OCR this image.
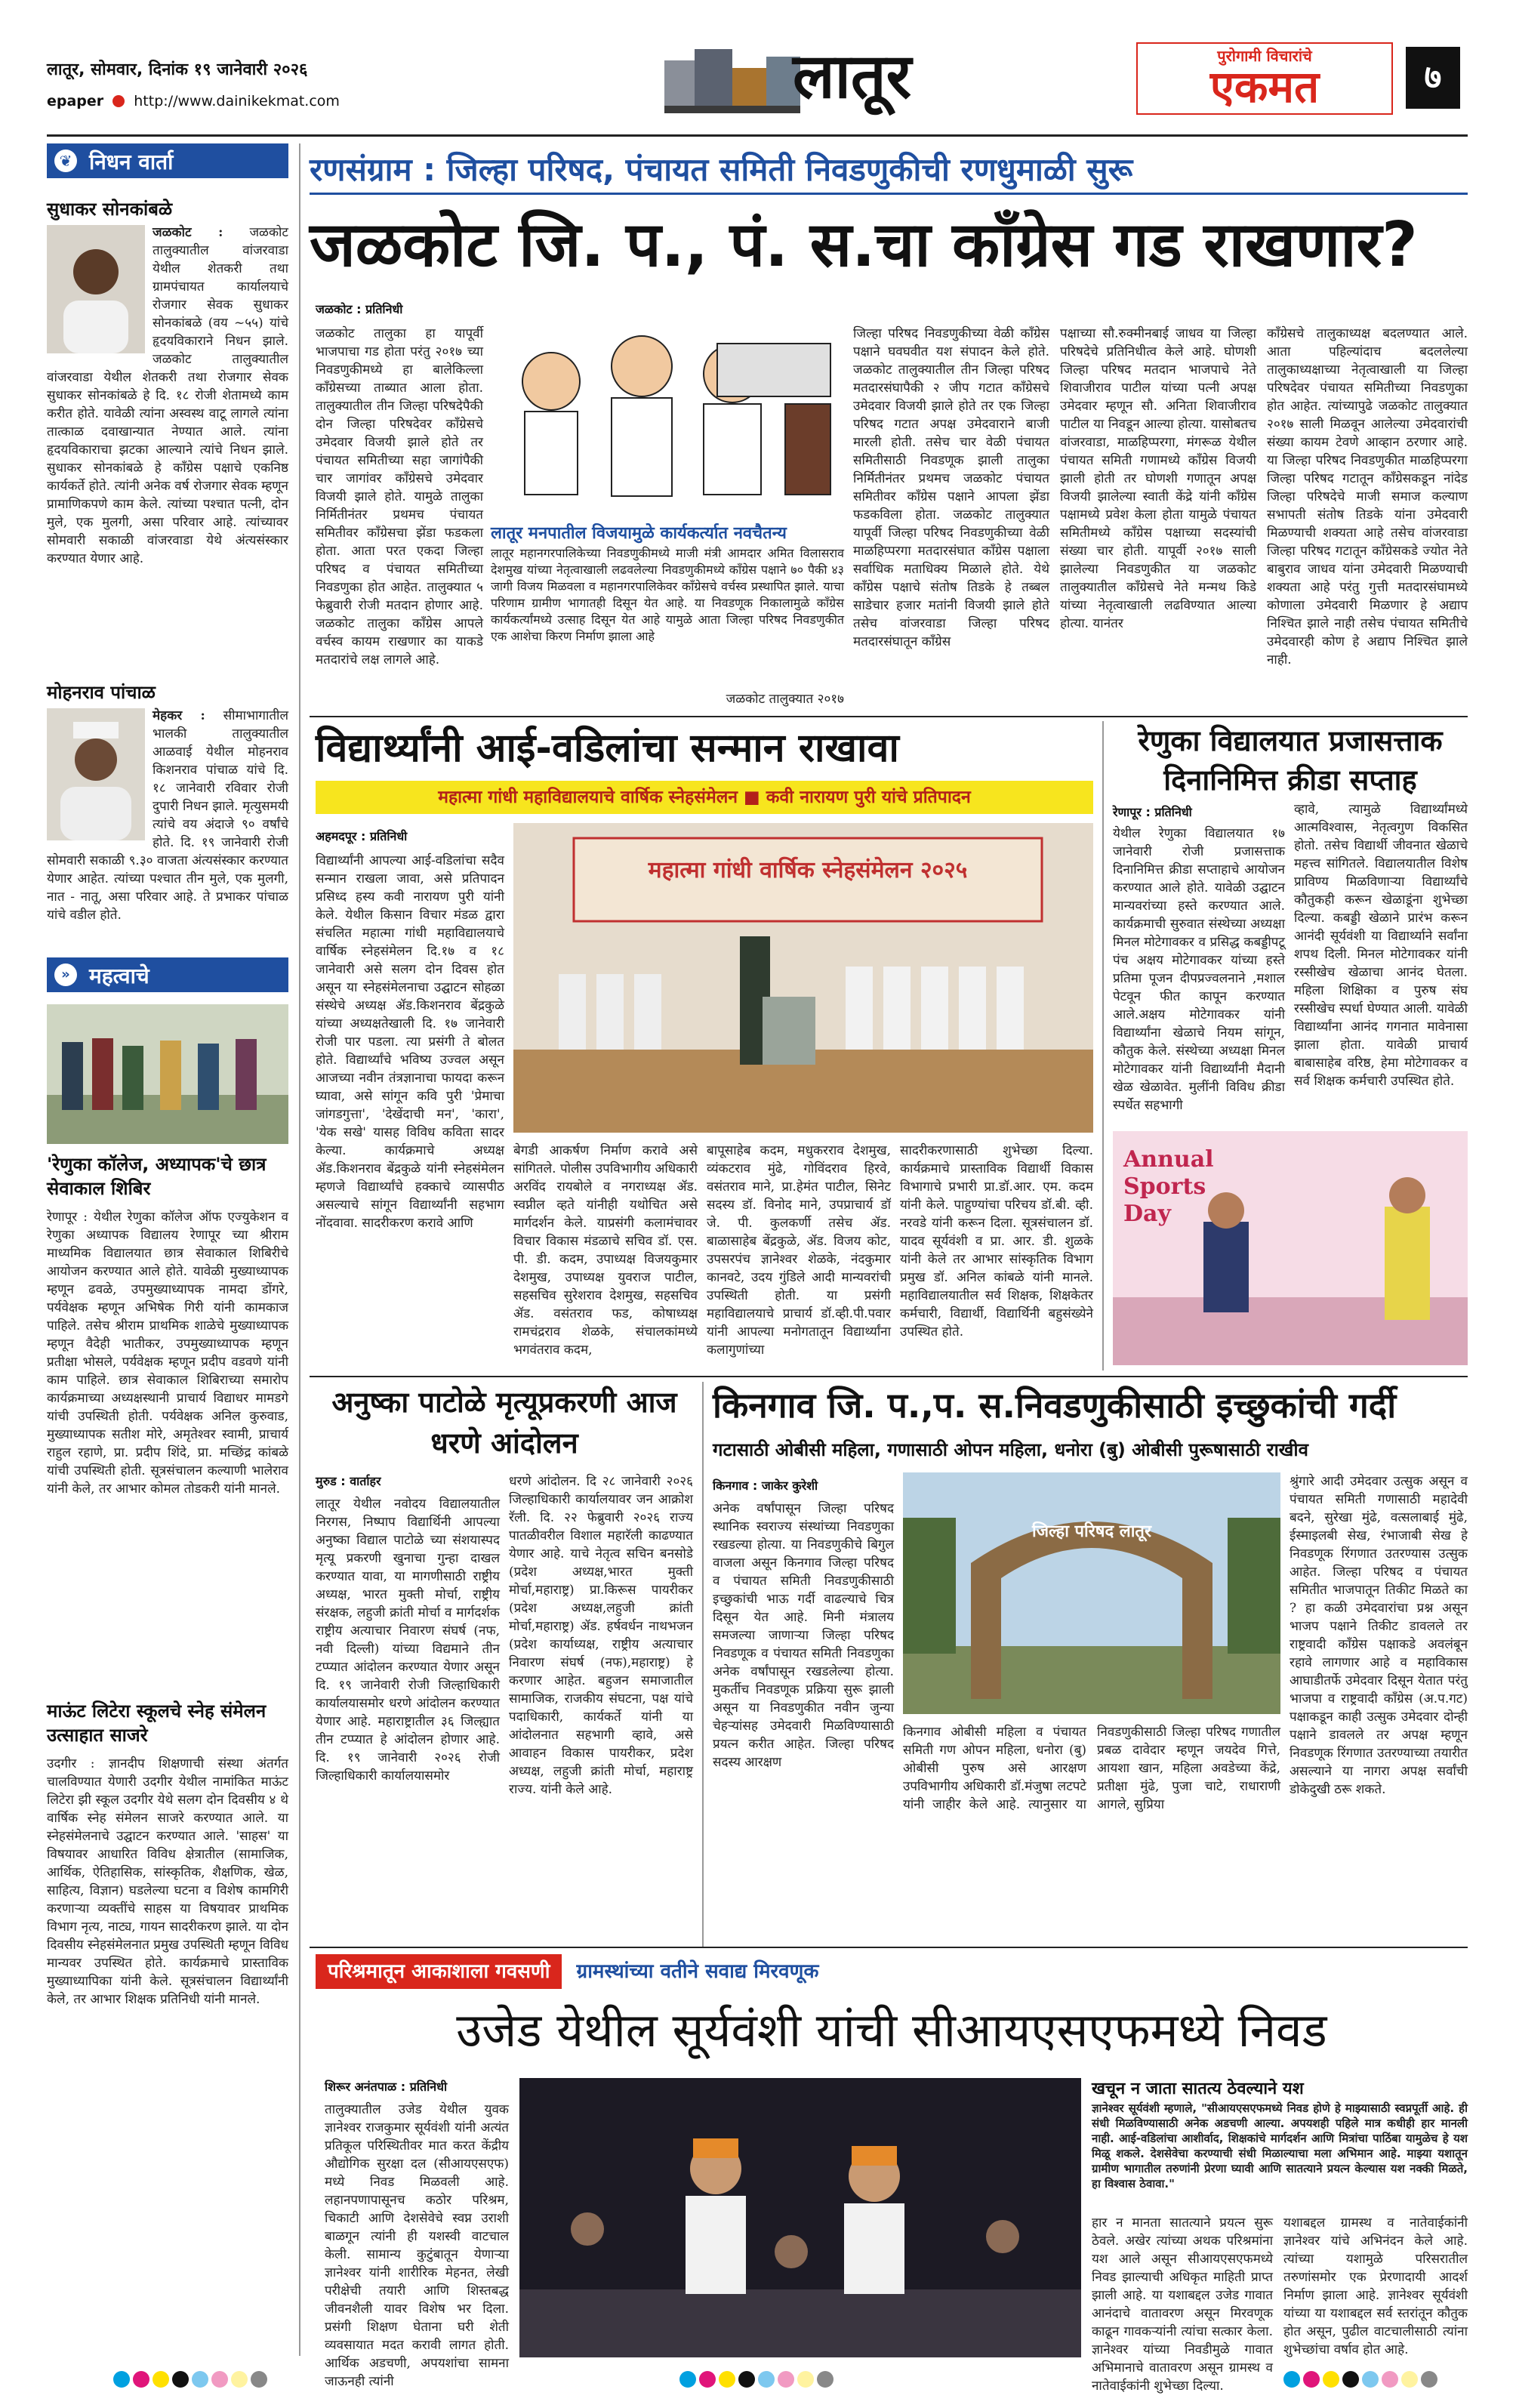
लातूर, सोमवार, दिनांक १९ जानेवारी २०२६
epaper http://www.dainikekmat.com	लातूर	पुरोगामी विचारांचे
एकमत	७
❦ निधन वार्ता
सुधाकर सोनकांबळे
जळकोट : जळकोट तालुक्यातील वांजरवाडा येथील शेतकरी तथा ग्रामपंचायत कार्यालयाचे रोजगार सेवक सुधाकर सोनकांबळे (वय ~५५) यांचे हृदयविकाराने निधन झाले. जळकोट तालुक्यातील वांजरवाडा येथील शेतकरी तथा रोजगार सेवक सुधाकर सोनकांबळे हे दि. १८ रोजी शेतामध्ये काम करीत होते. यावेळी त्यांना अस्वस्थ वाटू लागले त्यांना तात्काळ दवाखान्यात नेण्यात आले. त्यांना हृदयविकाराचा झटका आल्याने त्यांचे निधन झाले. सुधाकर सोनकांबळे हे काँग्रेस पक्षाचे एकनिष्ठ कार्यकर्ते होते. त्यांनी अनेक वर्ष रोजगार सेवक म्हणून प्रामाणिकपणे काम केले. त्यांच्या पश्चात पत्नी, दोन मुले, एक मुलगी, असा परिवार आहे. त्यांच्यावर सोमवारी सकाळी वांजरवाडा येथे अंत्यसंस्कार करण्यात येणार आहे.
मोहनराव पांचाळ
मेहकर : सीमाभागातील भालकी तालुक्यातील आळवाई येथील मोहनराव किशनराव पांचाळ यांचे दि. १८ जानेवारी रविवार रोजी दुपारी निधन झाले. मृत्युसमयी त्यांचे वय अंदाजे ९० वर्षांचे होते. दि. १९ जानेवारी रोजी सोमवारी सकाळी ९.३० वाजता अंत्यसंस्कार करण्यात येणार आहेत. त्यांच्या पश्चात तीन मुले, एक मुलगी, नात - नातू, असा परिवार आहे. ते प्रभाकर पांचाळ यांचे वडील होते.
» महत्वाचे
'रेणुका कॉलेज, अध्यापक'चे छात्र सेवाकाल शिबिर
रेणापूर : येथील रेणुका कॉलेज ऑफ एज्युकेशन व रेणुका अध्यापक विद्यालय रेणापूर च्या श्रीराम माध्यमिक विद्यालयात छात्र सेवाकाल शिबिरीचे आयोजन करण्यात आले होते. यावेळी मुख्याध्यापक म्हणून ढवळे, उपमुख्याध्यापक नामदा डोंगरे, पर्यवेक्षक म्हणून अभिषेक गिरी यांनी कामकाज पाहिले. तसेच श्रीराम प्राथमिक शाळेचे मुख्याध्यापक म्हणून वैदेही भातीकर, उपमुख्याध्यापक म्हणून प्रतीक्षा भोसले, पर्यवेक्षक म्हणून प्रदीप वडवणे यांनी काम पाहिले. छात्र सेवाकाल शिबिराच्या समारोप कार्यक्रमाच्या अध्यक्षस्थानी प्राचार्य विद्याधर मामडगे यांची उपस्थिती होती. पर्यवेक्षक अनिल कुरुवाड, मुख्याध्यापक सतीश मोरे, अमृतेश्वर स्वामी, प्राचार्य राहुल रहाणे, प्रा. प्रदीप शिंदे, प्रा. मच्छिंद्र कांबळे यांची उपस्थिती होती. सूत्रसंचालन कल्याणी भालेराव यांनी केले, तर आभार कोमल तोडकरी यांनी मानले.
माऊंट लिटेरा स्कूलचे स्नेह संमेलन उत्साहात साजरे
उदगीर : ज्ञानदीप शिक्षणाची संस्था अंतर्गत चालविण्यात येणारी उदगीर येथील नामांकित माऊंट लिटेरा झी स्कूल उदगीर येथे सलग दोन दिवसीय ४ थे वार्षिक स्नेह संमेलन साजरे करण्यात आले. या स्नेहसंमेलनाचे उद्घाटन करण्यात आले. 'साहस' या विषयावर आधारित विविध क्षेत्रातील (सामाजिक, आर्थिक, ऐतिहासिक, सांस्कृतिक, शैक्षणिक, खेळ, साहित्य, विज्ञान) घडलेल्या घटना व विशेष कामगिरी करणाऱ्या व्यक्तींचे साहस या विषयावर प्राथमिक विभाग नृत्य, नाट्य, गायन सादरीकरण झाले. या दोन दिवसीय स्नेहसंमेलनात प्रमुख उपस्थिती म्हणून विविध मान्यवर उपस्थित होते. कार्यक्रमाचे प्रास्ताविक मुख्याध्यापिका यांनी केले. सूत्रसंचालन विद्यार्थ्यांनी केले, तर आभार शिक्षक प्रतिनिधी यांनी मानले.
रणसंग्राम : जिल्हा परिषद, पंचायत समिती निवडणुकीची रणधुमाळी सुरू
जळकोट जि. प., पं. स.चा काँग्रेस गड राखणार?
जळकोट : प्रतिनिधी
जळकोट तालुका हा यापूर्वी भाजपाचा गड होता परंतु २०१७ च्या निवडणुकीमध्ये हा बालेकिल्ला काँग्रेसच्या ताब्यात आला होता. तालुक्यातील तीन जिल्हा परिषदेपैकी दोन जिल्हा परिषदेवर काँग्रेसचे उमेदवार विजयी झाले होते तर पंचायत समितीच्या सहा जागांपैकी चार जागांवर काँग्रेसचे उमेदवार विजयी झाले होते. यामुळे तालुका निर्मितीनंतर प्रथमच पंचायत समितीवर काँग्रेसचा झेंडा फडकला होता. आता परत एकदा जिल्हा परिषद व पंचायत समितीच्या निवडणुका होत आहेत. तालुक्यात ५ फेब्रुवारी रोजी मतदान होणार आहे. जळकोट तालुका काँग्रेस आपले वर्चस्व कायम राखणार का याकडे मतदारांचे लक्ष लागले आहे.
लातूर मनपातील विजयामुळे कार्यकर्त्यात नवचैतन्य
लातूर महानगरपालिकेच्या निवडणुकीमध्ये माजी मंत्री आमदार अमित विलासराव देशमुख यांच्या नेतृत्वाखाली लढवलेल्या निवडणुकीमध्ये काँग्रेस पक्षाने ७० पैकी ४३ जागी विजय मिळवला व महानगरपालिकेवर काँग्रेसचे वर्चस्व प्रस्थापित झाले. याचा परिणाम ग्रामीण भागातही दिसून येत आहे. या निवडणूक निकालामुळे काँग्रेस कार्यकर्त्यांमध्ये उत्साह दिसून येत आहे यामुळे आता जिल्हा परिषद निवडणुकीत एक आशेचा किरण निर्माण झाला आहे
जळकोट तालुक्यात २०१७
जिल्हा परिषद निवडणुकीच्या वेळी काँग्रेस पक्षाने घवघवीत यश संपादन केले होते. जळकोट तालुक्यातील तीन जिल्हा परिषद मतदारसंघापैकी २ जीप गटात काँग्रेसचे उमेदवार विजयी झाले होते तर एक जिल्हा परिषद गटात अपक्ष उमेदवाराने बाजी मारली होती. तसेच चार वेळी पंचायत समितीसाठी निवडणूक झाली तालुका निर्मितीनंतर प्रथमच जळकोट पंचायत समितीवर काँग्रेस पक्षाने आपला झेंडा फडकविला होता. जळकोट तालुक्यात यापूर्वी जिल्हा परिषद निवडणुकीच्या वेळी माळहिप्परगा मतदारसंघात काँग्रेस पक्षाला सर्वाधिक मताधिक्य मिळाले होते. येथे काँग्रेस पक्षाचे संतोष तिडके हे तब्बल साडेचार हजार मतांनी विजयी झाले होते तसेच वांजरवाडा जिल्हा परिषद मतदारसंघातून काँग्रेस
पक्षाच्या सौ.रुक्मीनबाई जाधव या जिल्हा परिषदेचे प्रतिनिधीत्व केले आहे. घोणशी जिल्हा परिषद मतदान भाजपाचे नेते शिवाजीराव पाटील यांच्या पत्नी अपक्ष उमेदवार म्हणून सौ. अनिता शिवाजीराव पाटील या निवडून आल्या होत्या. यासोबतच वांजरवाडा, माळहिप्परगा, मंगरूळ येथील पंचायत समिती गणामध्ये काँग्रेस विजयी झाली होती तर घोणशी गणातून अपक्ष विजयी झालेल्या स्वाती केंद्रे यांनी काँग्रेस पक्षामध्ये प्रवेश केला होता यामुळे पंचायत समितीमध्ये काँग्रेस पक्षाच्या सदस्यांची संख्या चार होती. यापूर्वी २०१७ साली झालेल्या निवडणुकीत या जळकोट तालुक्यातील काँग्रेसचे नेते मन्मथ किडे यांच्या नेतृत्वाखाली लढविण्यात आल्या होत्या. यानंतर
काँग्रेसचे तालुकाध्यक्ष बदलण्यात आले. आता पहिल्यांदाच बदललेल्या तालुकाध्यक्षाच्या नेतृत्वाखाली या जिल्हा परिषदेवर पंचायत समितीच्या निवडणुका होत आहेत. त्यांच्यापुढे जळकोट तालुक्यात २०१७ साली मिळवून आलेल्या उमेदवारांची संख्या कायम टेवणे आव्हान ठरणार आहे. या जिल्हा परिषद निवडणुकीत माळहिप्परगा जिल्हा परिषद गटातून काँग्रेसकडून नांदेड जिल्हा परिषदेचे माजी समाज कल्याण सभापती संतोष तिडके यांना उमेदवारी मिळण्याची शक्यता आहे तसेच वांजरवाडा जिल्हा परिषद गटातून काँग्रेसकडे ज्योत नेते बाबुराव जाधव यांना उमेदवारी मिळण्याची शक्यता आहे परंतु गुत्ती मतदारसंघामध्ये कोणाला उमेदवारी मिळणार हे अद्याप निश्चित झाले नाही तसेच पंचायत समितीचे उमेदवारही कोण हे अद्याप निश्चित झाले नाही.
विद्यार्थ्यांनी आई-वडिलांचा सन्मान राखावा
महात्मा गांधी महाविद्यालयाचे वार्षिक स्नेहसंमेलन ■ कवी नारायण पुरी यांचे प्रतिपादन
अहमदपूर : प्रतिनिधी
विद्यार्थ्यांनी आपल्या आई-वडिलांचा सदैव सन्मान राखला जावा, असे प्रतिपादन प्रसिध्द हस्य कवी नारायण पुरी यांनी केले. येथील किसान विचार मंडळ द्वारा संचलित महात्मा गांधी महाविद्यालयाचे वार्षिक स्नेहसंमेलन दि.१७ व १८ जानेवारी असे सलग दोन दिवस होत असून या स्नेहसंमेलनाचा उद्घाटन सोहळा संस्थेचे अध्यक्ष ॲड.किशनराव बेंद्रकुळे यांच्या अध्यक्षतेखाली दि. १७ जानेवारी रोजी पार पडला. त्या प्रसंगी ते बोलत होते. विद्यार्थ्यांचे भविष्य उज्वल असून आजच्या नवीन तंत्रज्ञानाचा फायदा करून घ्यावा, असे सांगून कवि पुरी 'प्रेमाचा जांगडगुत्ता', 'देखेंदाची मन', 'कारा', 'येक सखे' यासह विविध कविता सादर केल्या. कार्यक्रमाचे अध्यक्ष ॲड.किशनराव बेंद्रकुळे यांनी स्नेहसंमेलन म्हणजे विद्यार्थ्यांचे हक्काचे व्यासपीठ असल्याचे सांगून विद्यार्थ्यांनी सहभाग नोंदवावा. सादरीकरण करावे आणि
महात्मा गांधी वार्षिक स्नेहसंमेलन २०२५
बेगडी आकर्षण निर्माण करावे असे सांगितले. पोलीस उपविभागीय अधिकारी अरविंद रायबोले व नगराध्यक्ष ॲड. स्वप्नील व्हते यांनीही यथोचित असे मार्गदर्शन केले. याप्रसंगी कलामंचावर विचार विकास मंडळाचे सचिव डॉ. एस. पी. डी. कदम, उपाध्यक्ष विजयकुमार देशमुख, उपाध्यक्ष युवराज पाटील, सहसचिव सुरेशराव देशमुख, सहसचिव ॲड. वसंतराव फड, कोषाध्यक्ष रामचंद्रराव शेळके, संचालकांमध्ये भगवंतराव कदम,
बापूसाहेब कदम, मधुकरराव देशमुख, व्यंकटराव मुंढे, गोविंदराव हिरवे, वसंतराव माने, प्रा.हेमंत पाटील, सिनेट सदस्य डॉ. विनोद माने, उपप्राचार्य डॉ जे. पी. कुलकर्णी तसेच ॲड. बाळासाहेब बेंद्रकुळे, ॲड. विजय कोट, उपसरपंच ज्ञानेश्वर शेळके, नंदकुमार कानवटे, उदय गुंडिले आदी मान्यवरांची उपस्थिती होती. या प्रसंगी महाविद्यालयाचे प्राचार्य डॉ.व्ही.पी.पवार यांनी आपल्या मनोगतातून विद्यार्थ्यांना कलागुणांच्या
सादरीकरणासाठी शुभेच्छा दिल्या. कार्यक्रमाचे प्रास्ताविक विद्यार्थी विकास विभागाचे प्रभारी प्रा.डॉ.आर. एम. कदम यांनी केले. पाहुण्यांचा परिचय डॉ.बी. व्ही. नरवडे यांनी करून दिला. सूत्रसंचालन डॉ. यादव सूर्यवंशी व प्रा. आर. डी. शुळके यांनी केले तर आभार सांस्कृतिक विभाग प्रमुख डॉ. अनिल कांबळे यांनी मानले. महाविद्यालयातील सर्व शिक्षक, शिक्षकेतर कर्मचारी, विद्यार्थी, विद्यार्थिनी बहुसंख्येने उपस्थित होते.
रेणुका विद्यालयात प्रजासत्ताक दिनानिमित्त क्रीडा सप्ताह
रेणापूर : प्रतिनिधी
येथील रेणुका विद्यालयात १७ जानेवारी रोजी प्रजासत्ताक दिनानिमित्त क्रीडा सप्ताहाचे आयोजन करण्यात आले होते. यावेळी उद्घाटन मान्यवरांच्या हस्ते करण्यात आले. कार्यक्रमाची सुरुवात संस्थेच्या अध्यक्षा मिनल मोटेगावकर व प्रसिद्ध कबड्डीपटू पंच अक्षय मोटेगावकर यांच्या हस्ते प्रतिमा पूजन दीपप्रज्वलनाने ,मशाल पेटवून फीत कापून करण्यात आले.अक्षय मोटेगावकर यांनी विद्यार्थ्यांना खेळाचे नियम सांगून, कौतुक केले. संस्थेच्या अध्यक्षा मिनल मोटेगावकर यांनी विद्यार्थ्यांनी मैदानी खेळ खेळावेत. मुलींनी विविध क्रीडा स्पर्धेत सहभागी
व्हावे, त्यामुळे विद्यार्थ्यांमध्ये आत्मविश्वास, नेतृत्वगुण विकसित होतो. तसेच विद्यार्थी जीवनात खेळाचे महत्त्व सांगितले. विद्यालयातील विशेष प्राविण्य मिळविणाऱ्या विद्यार्थ्यांचे कौतुकही करून खेळाडूंना शुभेच्छा दिल्या. कबड्डी खेळाने प्रारंभ करून आनंदी सूर्यवंशी या विद्यार्थ्याने सर्वांना शपथ दिली. मिनल मोटेगावकर यांनी रस्सीखेच खेळाचा आनंद घेतला. महिला शिक्षिका व पुरुष संघ रस्सीखेच स्पर्धा घेण्यात आली. यावेळी विद्यार्थ्यांना आनंद गगनात मावेनासा झाला होता. यावेळी प्राचार्य बाबासाहेब वरिष्ठ, हेमा मोटेगावकर व सर्व शिक्षक कर्मचारी उपस्थित होते.
Annual Sports Day
अनुष्का पाटोळे मृत्यूप्रकरणी आज धरणे आंदोलन
मुरुड : वार्ताहर
लातूर येथील नवोदय विद्यालयातील निरगस, निष्पाप विद्यार्थिनी आपल्या अनुष्का विद्याल पाटोळे च्या संशयास्पद मृत्यू प्रकरणी खुनाचा गुन्हा दाखल करण्यात यावा, या मागणीसाठी राष्ट्रीय अध्यक्ष, भारत मुक्ती मोर्चा, राष्ट्रीय संरक्षक, लहुजी क्रांती मोर्चा व मार्गदर्शक राष्ट्रीय अत्याचार निवारण संघर्ष (नफ, नवी दिल्ली) यांच्या विद्यमाने तीन टप्प्यात आंदोलन करण्यात येणार असून दि. १९ जानेवारी रोजी जिल्हाधिकारी कार्यालयासमोर धरणे आंदोलन करण्यात येणार आहे. महाराष्ट्रातील ३६ जिल्ह्यात तीन टप्प्यात हे आंदोलन होणार आहे. दि. १९ जानेवारी २०२६ रोजी जिल्हाधिकारी कार्यालयासमोर
धरणे आंदोलन. दि २८ जानेवारी २०२६ जिल्हाधिकारी कार्यालयावर जन आक्रोश रॅली. दि. २२ फेब्रुवारी २०२६ राज्य पातळीवरील विशाल महारॅली काढण्यात येणार आहे. याचे नेतृत्व सचिन बनसोडे (प्रदेश अध्यक्ष,भारत मुक्ती मोर्चा,महाराष्ट्र) प्रा.किरूस पायरीकर (प्रदेश अध्यक्ष,लहुजी क्रांती मोर्चा,महाराष्ट्र) ॲड. हर्षवर्धन नाथभजन (प्रदेश कार्याध्यक्ष, राष्ट्रीय अत्याचार निवारण संघर्ष (नफ),महाराष्ट्र) हे करणार आहेत. बहुजन समाजातील सामाजिक, राजकीय संघटना, पक्ष यांचे पदाधिकारी, कार्यकर्ते यांनी या आंदोलनात सहभागी व्हावे, असे आवाहन विकास पायरीकर, प्रदेश अध्यक्ष, लहुजी क्रांती मोर्चा, महाराष्ट्र राज्य. यांनी केले आहे.
किनगाव जि. प.,प. स.निवडणुकीसाठी इच्छुकांची गर्दी
गटासाठी ओबीसी महिला, गणासाठी ओपन महिला, धनोरा (बु) ओबीसी पुरूषासाठी राखीव
किनगाव : जाकेर कुरेशी
अनेक वर्षांपासून जिल्हा परिषद स्थानिक स्वराज्य संस्थांच्या निवडणुका रखडल्या होत्या. या निवडणुकीचे बिगुल वाजला असून किनगाव जिल्हा परिषद व पंचायत समिती निवडणुकीसाठी इच्छुकांची भाऊ गर्दी वाढल्याचे चित्र दिसून येत आहे. मिनी मंत्रालय समजल्या जाणाऱ्या जिल्हा परिषद निवडणूक व पंचायत समिती निवडणुका अनेक वर्षांपासून रखडलेल्या होत्या. मुकर्तीच निवडणूक प्रक्रिया सुरू झाली असून या निवडणुकीत नवीन जुन्या चेहऱ्यांसह उमेदवारी मिळविण्यासाठी प्रयत्न करीत आहेत. जिल्हा परिषद सदस्य आरक्षण
जिल्हा परिषद लातूर
किनगाव ओबीसी महिला व पंचायत समिती गण ओपन महिला, धनोरा (बु) ओबीसी पुरुष असे आरक्षण उपविभागीय अधिकारी डॉ.मंजुषा लटपटे यांनी जाहीर केले आहे. त्यानुसार या निवडणुकीसाठी जिल्हा परिषद गणातील प्रबळ दावेदार म्हणून जयदेव गित्ते, आयशा खान, महिला अवडेच्या केंद्रे, प्रतीक्षा मुंढे, पुजा चाटे, राधाराणी आगले, सुप्रिया
श्रुंगारे आदी उमेदवार उत्सुक असून व पंचायत समिती गणासाठी महादेवी बदने, सुरेखा मुंढे, वत्सलाबाई मुंढे, ईस्माइलबी सेख, रंभाजाबी सेख हे निवडणूक रिंगणात उतरण्यास उत्सुक आहेत. जिल्हा परिषद व पंचायत समितीत भाजपातून तिकीट मिळते का ? हा कळी उमेदवारांचा प्रश्न असून भाजप पक्षाने तिकीट डावलले तर राष्ट्रवादी काँग्रेस पक्षाकडे अवलंबून रहावे लागणार आहे व महाविकास आघाडीतर्फे उमेदवार दिसून येतात परंतु भाजपा व राष्ट्रवादी काँग्रेस (अ.प.गट) पक्षाकडून काही उत्सुक उमेदवार दोन्ही पक्षाने डावलले तर अपक्ष म्हणून निवडणूक रिंगणात उतरण्याच्या तयारीत असल्याने या नागरा अपक्ष सर्वांची डोकेदुखी ठरू शकते.
परिश्रमातून आकाशाला गवसणी ग्रामस्थांच्या वतीने सवाद्य मिरवणूक
उजेड येथील सूर्यवंशी यांची सीआयएसएफमध्ये निवड
शिरूर अनंतपाळ : प्रतिनिधी
तालुक्यातील उजेड येथील युवक ज्ञानेश्वर राजकुमार सूर्यवंशी यांनी अत्यंत प्रतिकूल परिस्थितीवर मात करत केंद्रीय औद्योगिक सुरक्षा दल (सीआयएसएफ) मध्ये निवड मिळवली आहे. लहानपणापासूनच कठोर परिश्रम, चिकाटी आणि देशसेवेचे स्वप्न उराशी बाळगून त्यांनी ही यशस्वी वाटचाल केली. सामान्य कुटुंबातून येणाऱ्या ज्ञानेश्वर यांनी शारीरिक मेहनत, लेखी परीक्षेची तयारी आणि शिस्तबद्ध जीवनशैली यावर विशेष भर दिला. प्रसंगी शिक्षण घेताना घरी शेती व्यवसायात मदत करावी लागत होती. आर्थिक अडचणी, अपयशांचा सामना जाऊनही त्यांनी
खचून न जाता सातत्य ठेवल्याने यश
ज्ञानेश्वर सूर्यवंशी म्हणाले, "सीआयएसएफमध्ये निवड होणे हे माझ्यासाठी स्वप्नपूर्ती आहे. ही संधी मिळविण्यासाठी अनेक अडचणी आल्या. अपयशही पहिले मात्र कधीही हार मानली नाही. आई-वडिलांचा आशीर्वाद, शिक्षकांचे मार्गदर्शन आणि मित्रांचा पाठिंबा यामुळेच हे यश मिळू शकले. देशसेवेचा करण्याची संधी मिळाल्याचा मला अभिमान आहे. माझ्या यशातून ग्रामीण भागातील तरुणांनी प्रेरणा घ्यावी आणि सातत्याने प्रयत्न केल्यास यश नक्की मिळते, हा विश्वास ठेवावा."
हार न मानता सातत्याने प्रयत्न सुरू ठेवले. अखेर त्यांच्या अथक परिश्रमांना यश आले असून सीआयएसएफमध्ये निवड झाल्याची अधिकृत माहिती प्राप्त झाली आहे. या यशाबद्दल उजेड गावात आनंदाचे वातावरण असून मिरवणूक काढून गावकऱ्यांनी त्यांचा सत्कार केला. ज्ञानेश्वर यांच्या निवडीमुळे गावात अभिमानाचे वातावरण असून ग्रामस्थ व नातेवाईकांनी शुभेच्छा दिल्या.
यशाबद्दल ग्रामस्थ व नातेवाईकांनी ज्ञानेश्वर यांचे अभिनंदन केले आहे. त्यांच्या यशामुळे परिसरातील तरुणांसमोर एक प्रेरणादायी आदर्श निर्माण झाला आहे. ज्ञानेश्वर सूर्यवंशी यांच्या या यशाबद्दल सर्व स्तरांतून कौतुक होत असून, पुढील वाटचालीसाठी त्यांना शुभेच्छांचा वर्षाव होत आहे.
